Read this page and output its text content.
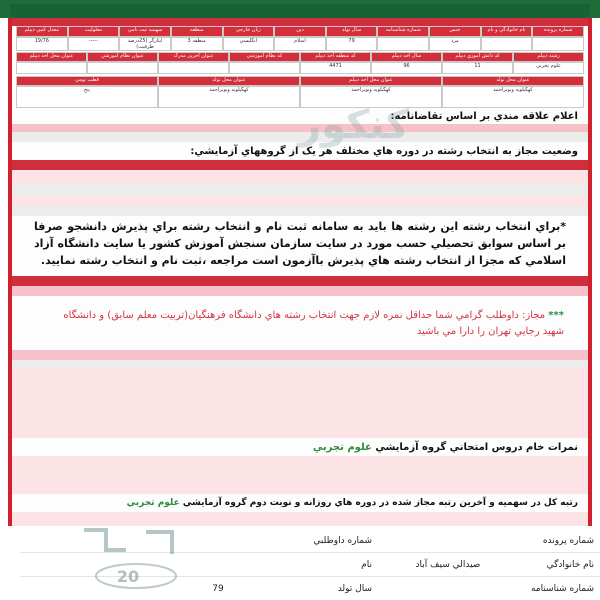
شماره پرونده
نام خانوادگي و نام
جنس
شماره شناسنامه
سال تولد
دين
زبان خارجي
منطقه
سهميه ثبت نامي
معلوليت
معدل كتبي ديپلم
مرد
79
اسلام
انگليسي
منطقه 3
ايثارگر (25درصد ظرفيت)
-----
19/76
رشته ديپلم
کد دانش آموزي ديپلم
سال اخذ ديپلم
کد منطقه اخذ ديپلم
کد نظام آموزشي
عنوان آخرين مدرک
عنوان نظام آموزشي
عنوان محل اخذ ديپلم
علوم تجربي
11
96
4471
عنوان محل تولد
عنوان محل اخذ ديپلم
عنوان محل تولد
قطب بومي
کهگيلويه وبويراحمد
کهگيلويه وبويراحمد
کهگيلويه وبويراحمد
پنج
اعلام علاقه مندي بر اساس تقاضانامه:
وضعيت مجاز به انتخاب رشته در دوره هاي مختلف هر يک از گروههاي آزمايشي:
*براي انتخاب رشته اين رشته ها بايد به سامانه ثبت نام و انتخاب رشته براي پذيرش دانشجو صرفا بر اساس سوابق تحصيلي حسب مورد در سايت سازمان سنجش آموزش کشور يا سايت دانشگاه آزاد اسلامي که مجزا از انتخاب رشته هاي پذيرش باآزمون است مراجعه ،ثبت نام و انتخاب رشته نماييد.
*** مجاز: داوطلب گرامي شما حداقل نمره لازم جهت انتخاب رشته هاي دانشگاه فرهنگيان(تربيت معلم سابق) و دانشگاه شهيد رجايي تهران را دارا مي باشيد
نمرات خام دروس امتحاني گروه آزمايشي علوم تجربي
رتبه کل در سهميه و آخرين رتبه مجاز شده در دوره هاي روزانه و نوبت دوم گروه آزمايشي علوم تجربي
کنکور
شماره پرونده
شماره داوطلبي
نام خانوادگي
صيدالي سيف آباد
نام
شماره شناسنامه
سال تولد
79
20
